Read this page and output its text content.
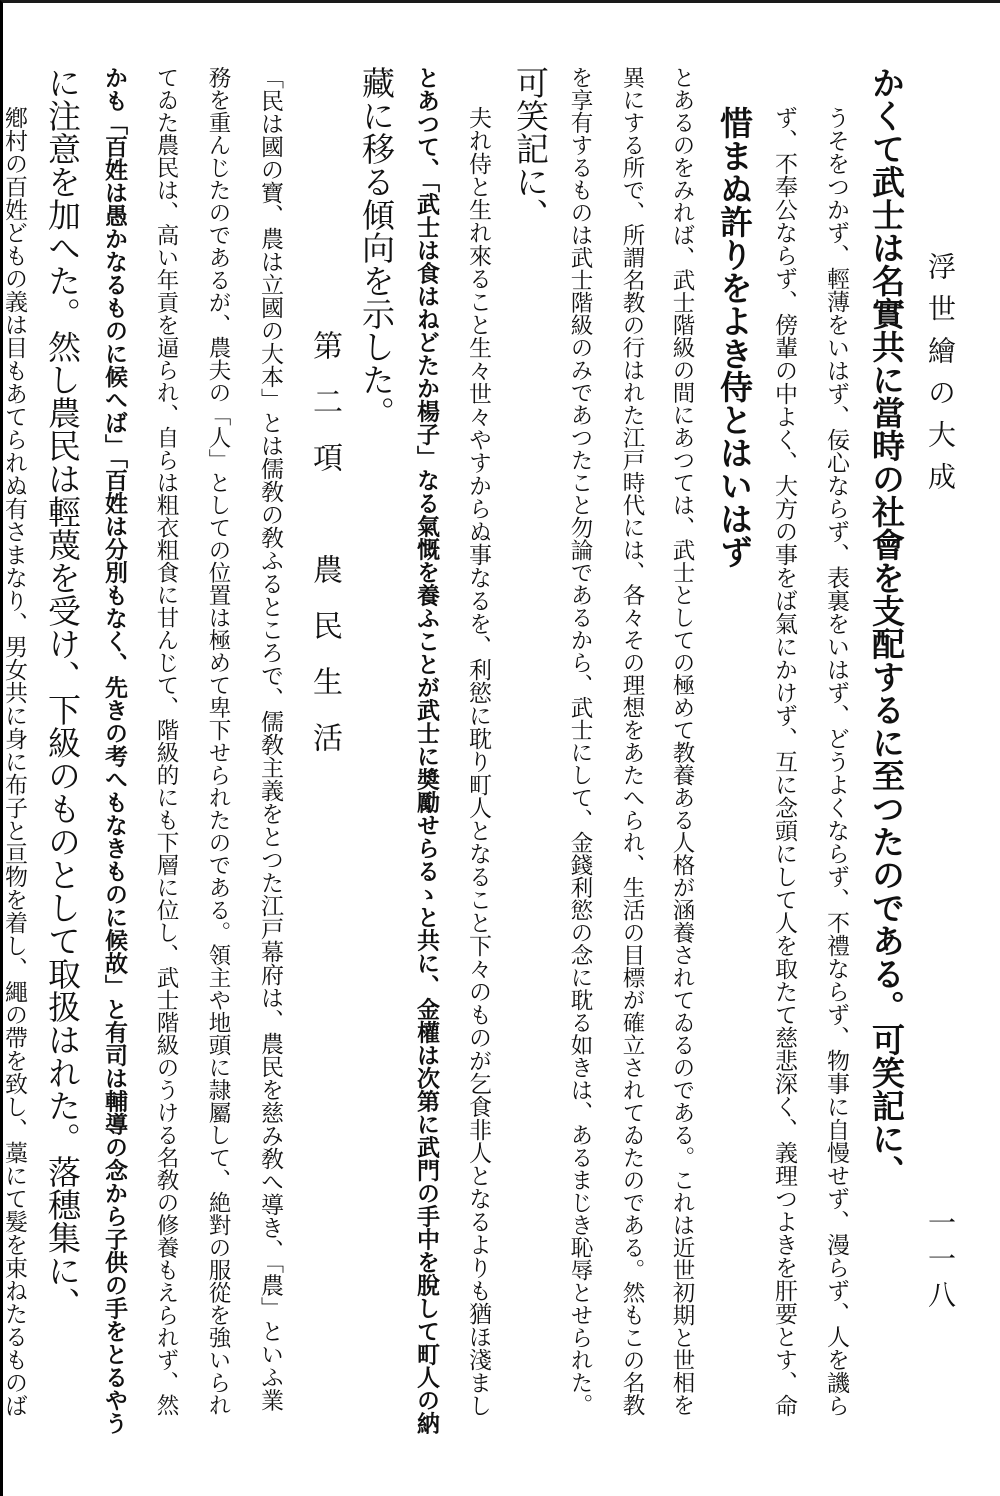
浮世繪の大成
一一八
かくて武士は名實共に當時の社會を支配するに至つたのである。可笑記に、
うそをつかず、輕薄をいはず、佞心ならず、表裏をいはず、どうよくならず、不禮ならず、物事に自慢せず、漫らず、人を譏ら
ず、不奉公ならず、傍輩の中よく、大方の事をば氣にかけず、互に念頭にして人を取たて慈悲深く、義理つよきを肝要とす、命
惜まぬ許りをよき侍とはいはず
とあるのをみれば、武士階級の間にあつては、武士としての極めて教養ある人格が涵養されてゐるのである。これは近世初期と世相を
異にする所で、所謂名教の行はれた江戸時代には、各々その理想をあたへられ、生活の目標が確立されてゐたのである。然もこの名教
を享有するものは武士階級のみであつたこと勿論であるから、武士にして、金錢利慾の念に耽る如きは、あるまじき恥辱とせられた。
可笑記に、
夫れ侍と生れ來ること生々世々やすからぬ事なるを、利慾に耽り町人となること下々のものが乞食非人となるよりも猶ほ淺まし
とあつて、「武士は食はねどたか楊子」なる氣慨を養ふことが武士に奬勵せらるゝと共に、金權は次第に武門の手中を脫して町人の納
藏に移る傾向を示した。
第二項　農民生活
「民は國の寶、農は立國の大本」とは儒敎の敎ふるところで、儒敎主義をとつた江戸幕府は、農民を慈み敎へ導き、「農」といふ業
務を重んじたのであるが、農夫の「人」としての位置は極めて卑下せられたのである。領主や地頭に隷屬して、絶對の服從を強いられ
てゐた農民は、高い年貢を逼られ、自らは粗衣粗食に甘んじて、階級的にも下層に位し、武士階級のうける名敎の修養もえられず、然
かも「百姓は愚かなるものに候へば」「百姓は分別もなく、先きの考へもなきものに候故」と有司は輔導の念から子供の手をとるやう
に注意を加へた。然し農民は輕蔑を受け、下級のものとして取扱はれた。落穗集に、
鄕村の百姓どもの義は目もあてられぬ有さまなり、男女共に身に布子と亘物を着し、繩の帶を致し、藁にて髮を束ねたるものば
